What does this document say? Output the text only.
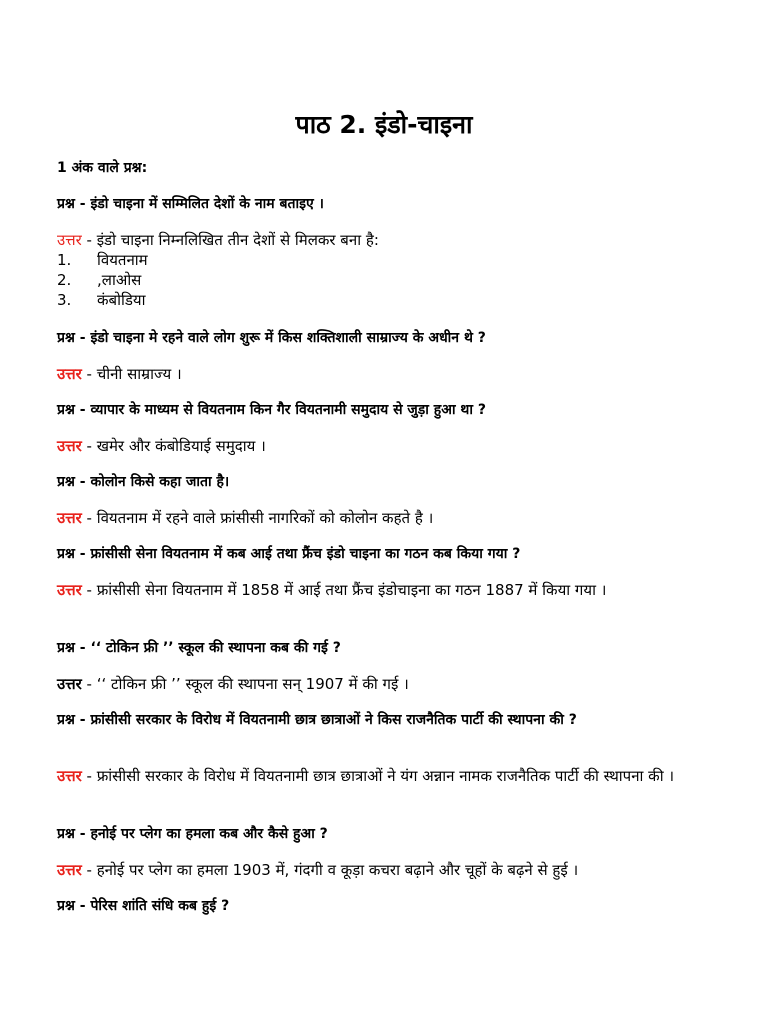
पाठ 2. इंडो-चाइना
1 अंक वाले प्रश्न:
प्रश्न - इंडो चाइना में सम्मिलित देशों के नाम बताइए ।
उत्तर - इंडो चाइना निम्नलिखित तीन देशों से मिलकर बना है:
1.	वियतनाम
2.	,लाओस
3.	कंबोडिया
प्रश्न - इंडो चाइना मे रहने वाले लोग शुरू में किस शक्तिशाली साम्राज्य के अधीन थे ?
उत्तर - चीनी साम्राज्य ।
प्रश्न - व्यापार के माध्यम से वियतनाम किन गैर वियतनामी समुदाय से जुड़ा हुआ था ?
उत्तर - खमेर और कंबोडियाई समुदाय ।
प्रश्न - कोलोन किसे कहा जाता है।
उत्तर - वियतनाम में रहने वाले फ्रांसीसी नागरिकों को कोलोन कहते है ।
प्रश्न - फ्रांसीसी सेना वियतनाम में कब आई तथा फ्रैंच इंडो चाइना का गठन कब किया गया ?
उत्तर - फ्रांसीसी सेना वियतनाम में 1858 में आई तथा फ्रैंच इंडोचाइना का गठन 1887 में किया गया ।
प्रश्न - ‘‘ टोकिन फ्री ’’ स्कूल की स्थापना कब की गई ?
उत्तर - ‘‘ टोकिन फ्री ’’ स्कूल की स्थापना सन् 1907 में की गई ।
प्रश्न - फ्रांसीसी सरकार के विरोध में वियतनामी छात्र छात्राओं ने किस राजनैतिक पार्टी की स्थापना की ?
उत्तर - फ्रांसीसी सरकार के विरोध में वियतनामी छात्र छात्राओं ने यंग अन्नान नामक राजनैतिक पार्टी की स्थापना की ।
प्रश्न - हनोई पर प्लेग का हमला कब और कैसे हुआ ?
उत्तर - हनोई पर प्लेग का हमला 1903 में, गंदगी व कूड़ा कचरा बढ़ाने और चूहों के बढ़ने से हुई ।
प्रश्न - पेरिस शांति संधि कब हुई ?
